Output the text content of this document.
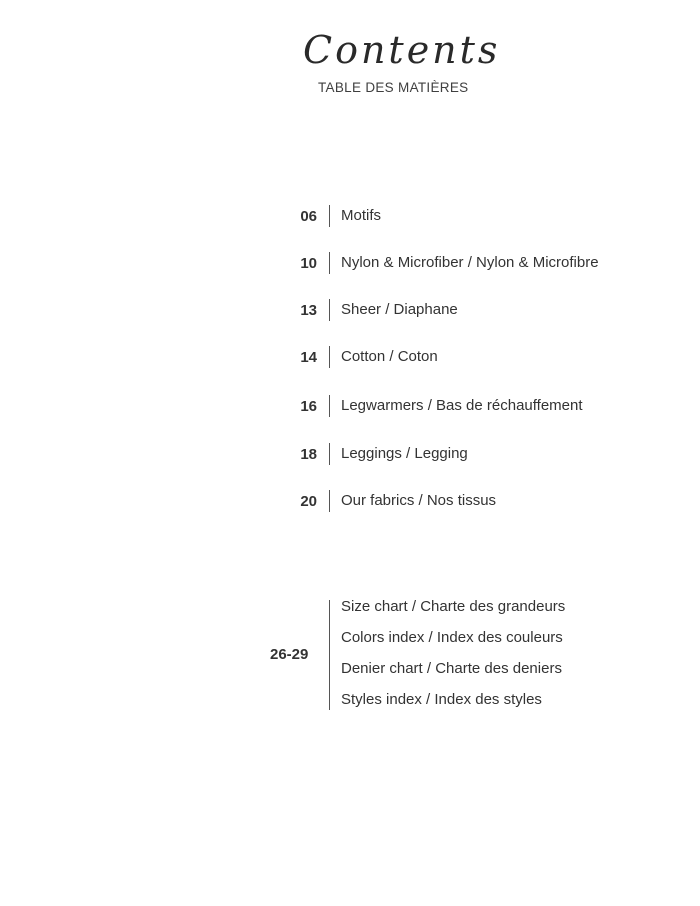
Contents
TABLE DES MATIÈRES
06 Motifs
10 Nylon & Microfiber / Nylon & Microfibre
13 Sheer / Diaphane
14 Cotton / Coton
16 Legwarmers / Bas de réchauffement
18 Leggings / Legging
20 Our fabrics / Nos tissus
26-29
Size chart / Charte des grandeurs
Colors index / Index des couleurs
Denier chart / Charte des deniers
Styles index / Index des styles
